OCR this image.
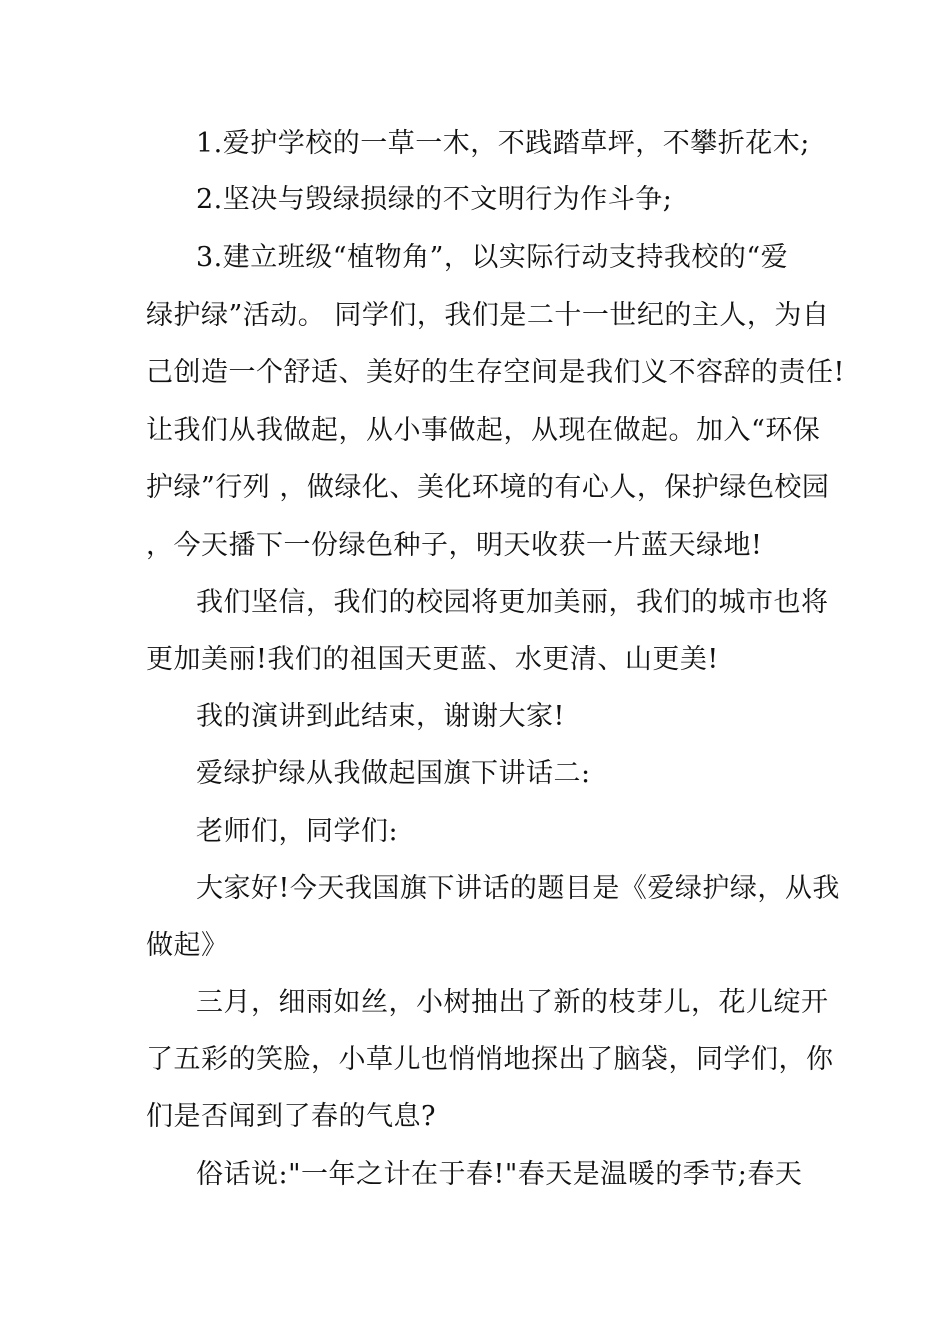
1.爱护学校的一草一木，不践踏草坪，不攀折花木;
2.坚决与毁绿损绿的不文明行为作斗争;
3.建立班级“植物角”，以实际行动支持我校的“爱
绿护绿”活动。 同学们，我们是二十一世纪的主人，为自
己创造一个舒适、美好的生存空间是我们义不容辞的责任!
让我们从我做起，从小事做起，从现在做起。加入“环保
护绿”行列 ，做绿化、美化环境的有心人，保护绿色校园
，今天播下一份绿色种子，明天收获一片蓝天绿地!
我们坚信，我们的校园将更加美丽，我们的城市也将
更加美丽!我们的祖国天更蓝、水更清、山更美!
我的演讲到此结束，谢谢大家!
爱绿护绿从我做起国旗下讲话二:
老师们，同学们:
大家好!今天我国旗下讲话的题目是《爱绿护绿，从我
做起》
三月，细雨如丝，小树抽出了新的枝芽儿，花儿绽开
了五彩的笑脸，小草儿也悄悄地探出了脑袋，同学们，你
们是否闻到了春的气息?
俗话说:"一年之计在于春!"春天是温暖的季节;春天
